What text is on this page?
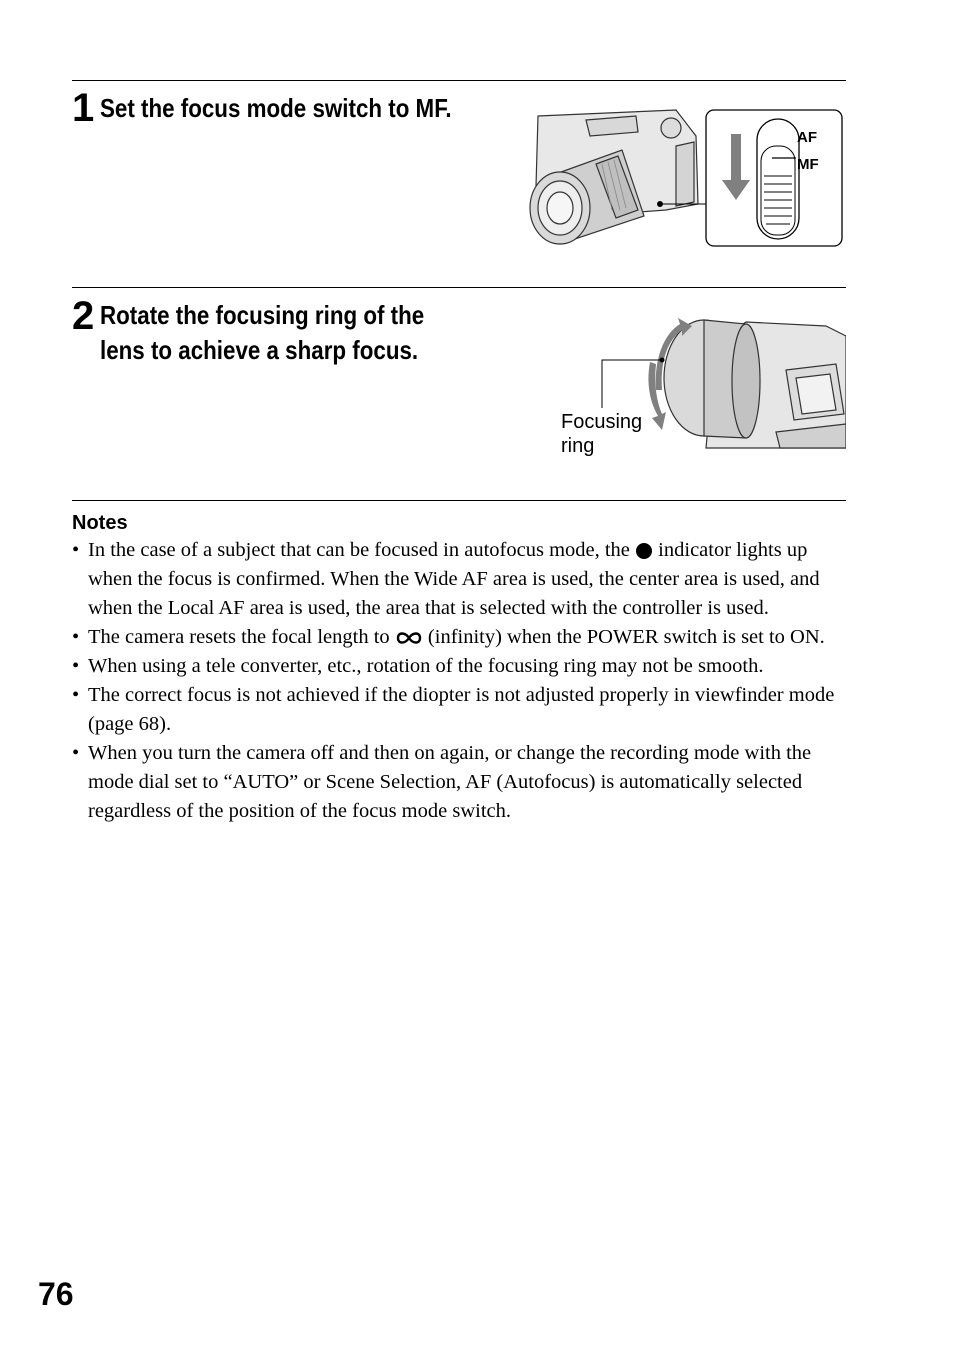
1 Set the focus mode switch to MF.
AF
MF
2 Rotate the focusing ring of the
lens to achieve a sharp focus.
Focusing
ring
Notes
• In the case of a subject that can be focused in autofocus mode, the indicator lights up when the focus is confirmed. When the Wide AF area is used, the center area is used, and when the Local AF area is used, the area that is selected with the controller is used.
• The camera resets the focal length to (infinity) when the POWER switch is set to ON.
• When using a tele converter, etc., rotation of the focusing ring may not be smooth.
• The correct focus is not achieved if the diopter is not adjusted properly in viewfinder mode (page 68).
• When you turn the camera off and then on again, or change the recording mode with the mode dial set to “AUTO” or Scene Selection, AF (Autofocus) is automatically selected regardless of the position of the focus mode switch.
76
